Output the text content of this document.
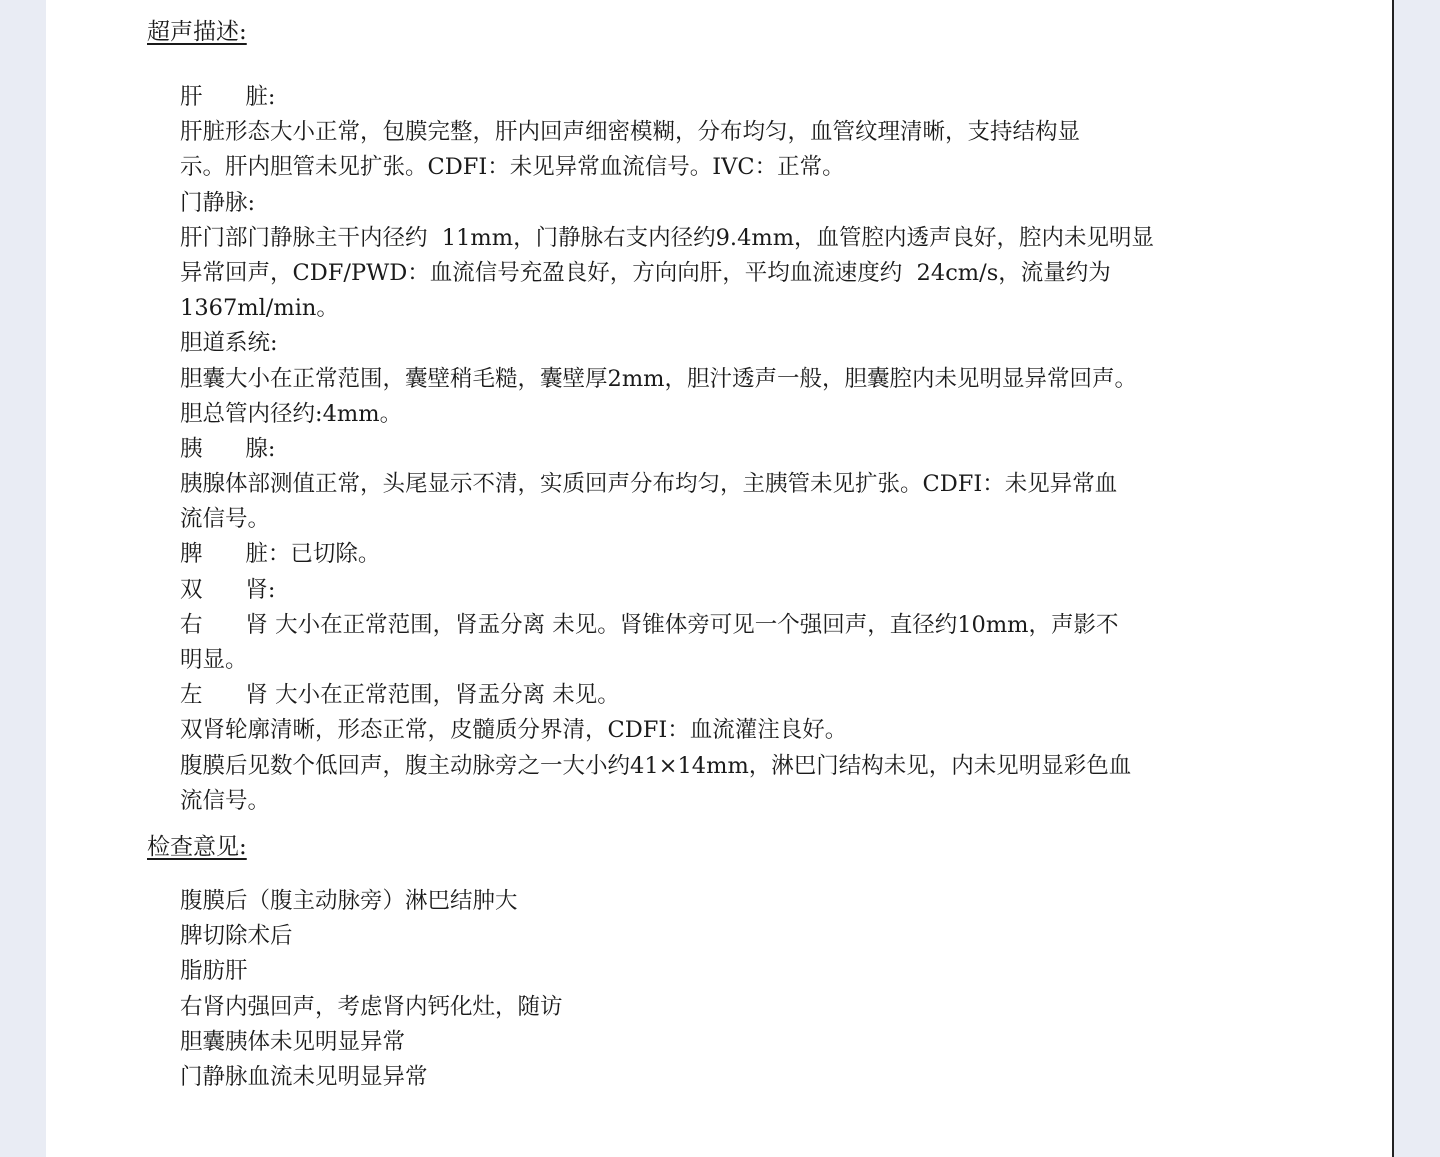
超声描述:
肝      脏:
肝脏形态大小正常，包膜完整，肝内回声细密模糊，分布均匀，血管纹理清晰，支持结构显
示。肝内胆管未见扩张。CDFI：未见异常血流信号。IVC：正常。
门静脉:
肝门部门静脉主干内径约  11mm，门静脉右支内径约9.4mm，血管腔内透声良好，腔内未见明显
异常回声，CDF/PWD：血流信号充盈良好，方向向肝，平均血流速度约  24cm/s，流量约为
1367ml/min。
胆道系统:
胆囊大小在正常范围，囊壁稍毛糙，囊壁厚2mm，胆汁透声一般，胆囊腔内未见明显异常回声。
胆总管内径约:4mm。
胰      腺:
胰腺体部测值正常，头尾显示不清，实质回声分布均匀，主胰管未见扩张。CDFI：未见异常血
流信号。
脾      脏：已切除。
双      肾:
右      肾 大小在正常范围，肾盂分离 未见。肾锥体旁可见一个强回声，直径约10mm，声影不
明显。
左      肾 大小在正常范围，肾盂分离 未见。
双肾轮廓清晰，形态正常，皮髓质分界清，CDFI：血流灌注良好。
腹膜后见数个低回声，腹主动脉旁之一大小约41×14mm，淋巴门结构未见，内未见明显彩色血
流信号。
检查意见:
腹膜后（腹主动脉旁）淋巴结肿大
脾切除术后
脂肪肝
右肾内强回声，考虑肾内钙化灶，随访
胆囊胰体未见明显异常
门静脉血流未见明显异常
